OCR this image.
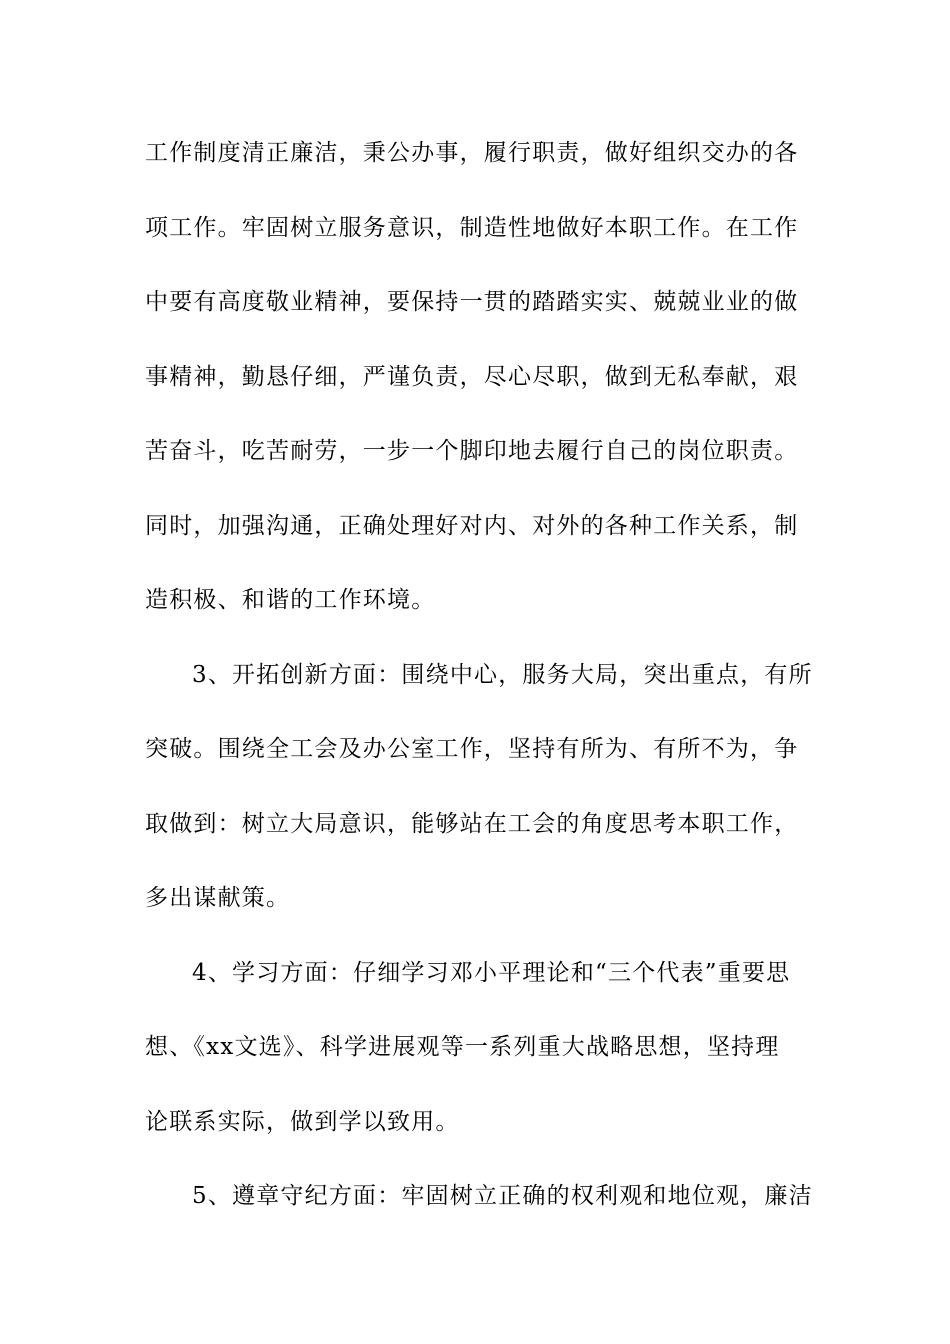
工作制度清正廉洁，秉公办事，履行职责，做好组织交办的各
项工作。牢固树立服务意识，制造性地做好本职工作。在工作
中要有高度敬业精神，要保持一贯的踏踏实实、兢兢业业的做
事精神，勤恳仔细，严谨负责，尽心尽职，做到无私奉献，艰
苦奋斗，吃苦耐劳，一步一个脚印地去履行自己的岗位职责。
同时，加强沟通，正确处理好对内、对外的各种工作关系，制
造积极、和谐的工作环境。
3、开拓创新方面：围绕中心，服务大局，突出重点，有所
突破。围绕全工会及办公室工作，坚持有所为、有所不为，争
取做到：树立大局意识，能够站在工会的角度思考本职工作，
多出谋献策。
4、学习方面：仔细学习邓小平理论和“三个代表”重要思
想、《xx文选》、科学进展观等一系列重大战略思想，坚持理
论联系实际，做到学以致用。
5、遵章守纪方面：牢固树立正确的权利观和地位观，廉洁
